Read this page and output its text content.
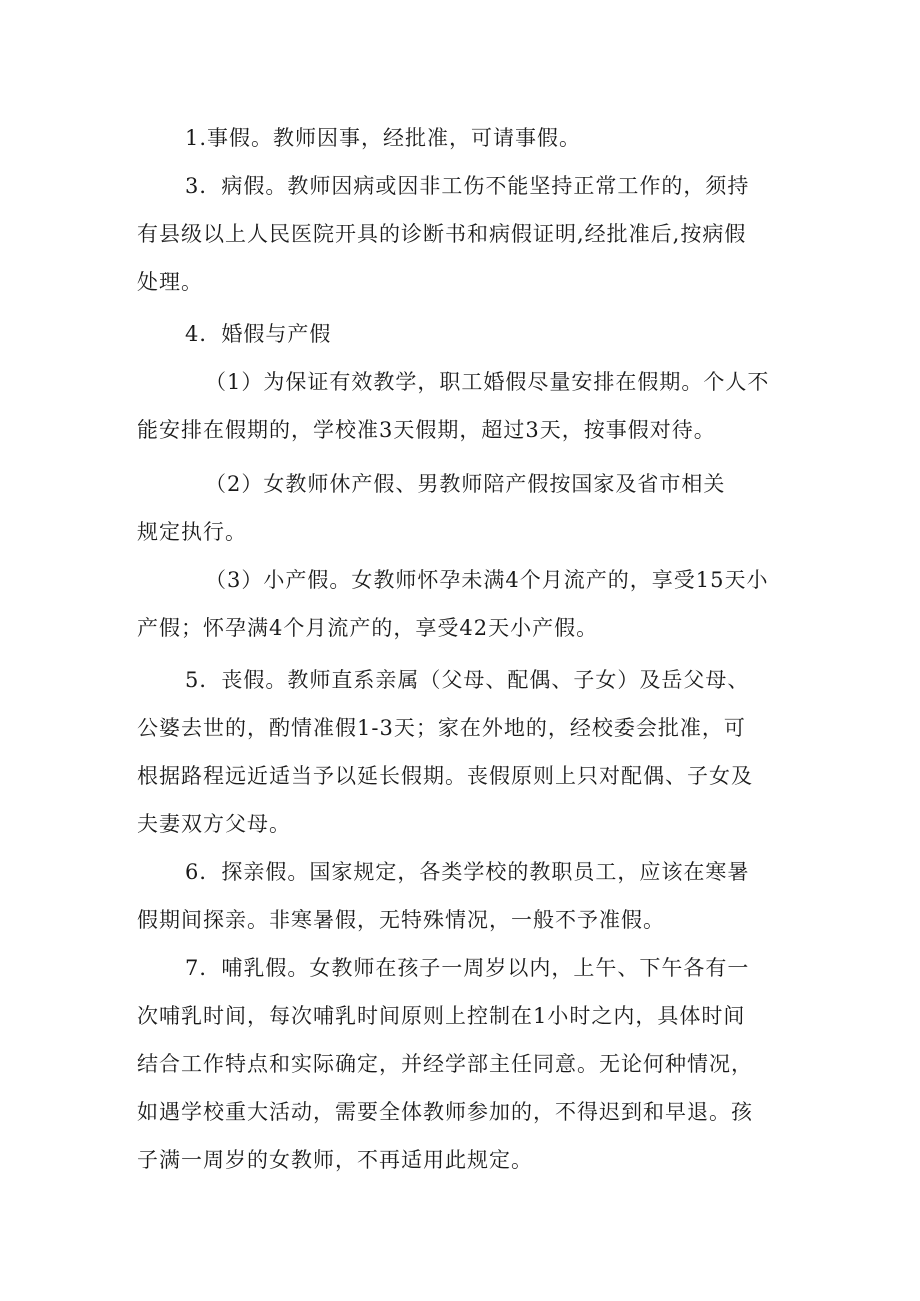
1.事假。教师因事，经批准，可请事假。

3．病假。教师因病或因非工伤不能坚持正常工作的，须持
有县级以上人民医院开具的诊断书和病假证明,经批准后,按病假
处理。

4．婚假与产假

（1）为保证有效教学，职工婚假尽量安排在假期。个人不
能安排在假期的，学校准3天假期，超过3天，按事假对待。

（2）女教师休产假、男教师陪产假按国家及省市相关
规定执行。

（3）小产假。女教师怀孕未满4个月流产的，享受15天小
产假；怀孕满4个月流产的，享受42天小产假。

5．丧假。教师直系亲属（父母、配偶、子女）及岳父母、
公婆去世的，酌情准假1-3天；家在外地的，经校委会批准，可
根据路程远近适当予以延长假期。丧假原则上只对配偶、子女及
夫妻双方父母。

6．探亲假。国家规定，各类学校的教职员工，应该在寒暑
假期间探亲。非寒暑假，无特殊情况，一般不予准假。

7．哺乳假。女教师在孩子一周岁以内，上午、下午各有一
次哺乳时间，每次哺乳时间原则上控制在1小时之内，具体时间
结合工作特点和实际确定，并经学部主任同意。无论何种情况，
如遇学校重大活动，需要全体教师参加的，不得迟到和早退。孩
子满一周岁的女教师，不再适用此规定。
